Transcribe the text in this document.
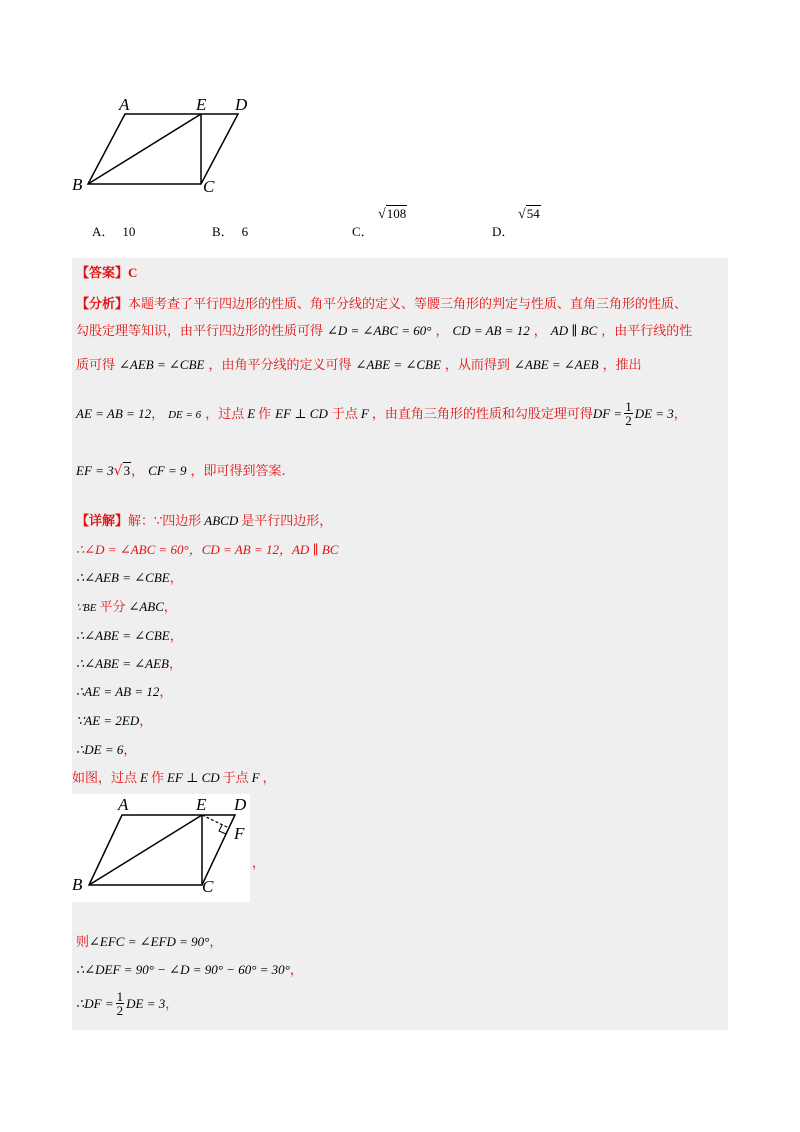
A	E D
B	C
A． 10	B． 6	C．
√108
D．
√54
【答案】C
【分析】本题考查了平行四边形的性质、角平分线的定义、等腰三角形的判定与性质、直角三角形的性质、
勾股定理等知识，由平行四边形的性质可得 ∠D = ∠ABC = 60° ， CD = AB = 12 ， AD ∥ BC ，由平行线的性
质可得 ∠AEB = ∠CBE ，由角平分线的定义可得 ∠ABE = ∠CBE ，从而得到 ∠ABE = ∠AEB ，推出
AE = AB = 12， DE = 6 ，过点 E 作 EF ⊥ CD 于点 F ，由直角三角形的性质和勾股定理可得DF = $\frac{1}{2}$ DE = 3，
EF = 3√3， CF = 9 ，即可得到答案.
【详解】解：∵四边形 ABCD 是平行四边形，
∴∠D = ∠ABC = 60°，CD = AB = 12，AD ∥ BC
∴∠AEB = ∠CBE，
∵BE 平分 ∠ABC，
∴∠ABE = ∠CBE，
∴∠ABE = ∠AEB，
∴AE = AB = 12，
∵AE = 2ED，
∴DE = 6，
如图，过点 E 作 EF ⊥ CD 于点 F ，
A	E D
F
B	C
，
则∠EFC = ∠EFD = 90°，
∴∠DEF = 90° − ∠D = 90° − 60° = 30°，
∴DF = $\frac{1}{2}$ DE = 3，
